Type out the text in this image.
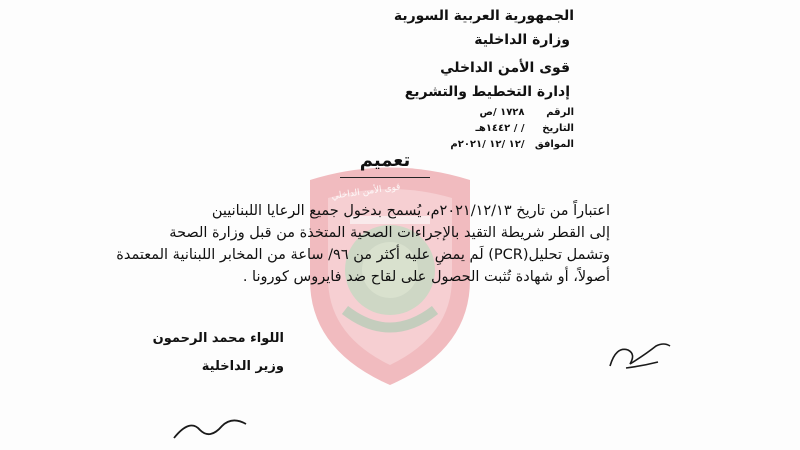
قوى الأمن الداخلي
الجمهورية العربية السورية
وزارة الداخلية
قوى الأمن الداخلي
إدارة التخطيط والتشريع
الرقم ١٧٢٨ /ص
التاريخ / / ١٤٤٢هـ
الموافق /١٢ /١٢ /٢٠٢١م
تعميم
اعتباراً من تاريخ ٢٠٢١/١٢/١٣م، يُسمح بدخول جميع الرعايا اللبنانيين
إلى القطر شريطة التقيد بالإجراءات الصحية المتخذة من قبل وزارة الصحة
وتشمل تحليل(PCR) لَم يمضِ عليه أكثر من ٩٦/ ساعة من المخابر اللبنانية المعتمدة
أصولاً، أو شهادة تُثبت الحصول على لقاح ضد فايروس كورونا .
اللواء محمد الرحمون
وزير الداخلية
